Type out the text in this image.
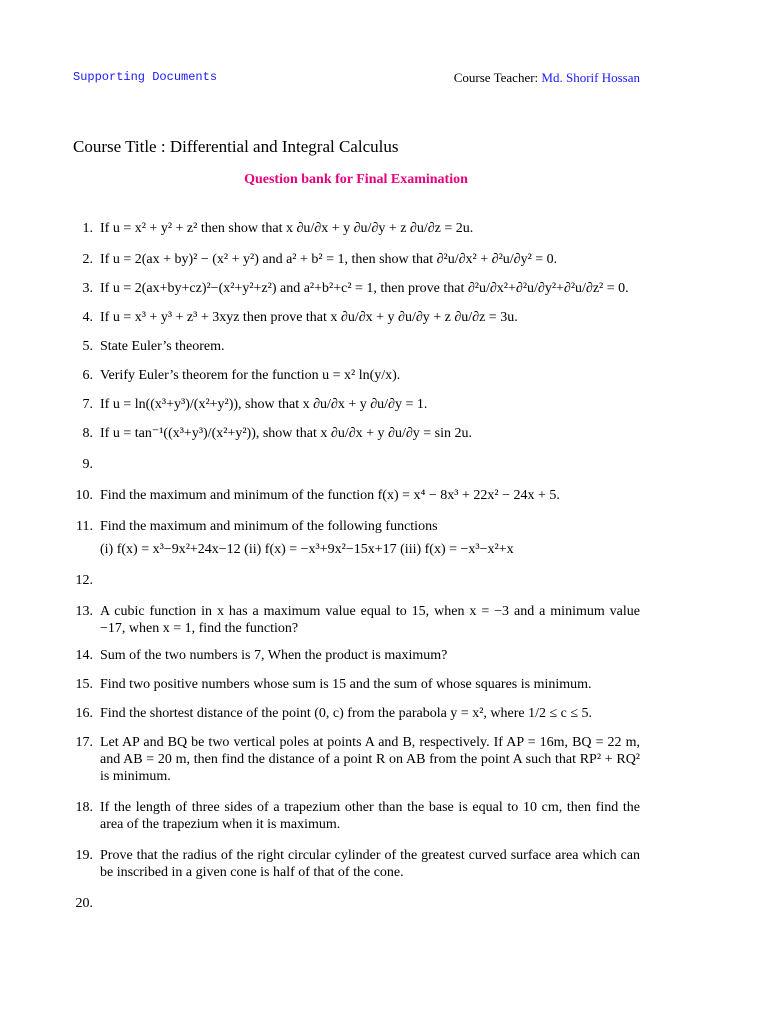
Supporting Documents	Course Teacher: Md. Shorif Hossan
Course Title : Differential and Integral Calculus
Question bank for Final Examination
1. If u = x² + y² + z² then show that x ∂u/∂x + y ∂u/∂y + z ∂u/∂z = 2u.
2. If u = 2(ax + by)² − (x² + y²) and a² + b² = 1, then show that ∂²u/∂x² + ∂²u/∂y² = 0.
3. If u = 2(ax+by+cz)²−(x²+y²+z²) and a²+b²+c² = 1, then prove that ∂²u/∂x²+∂²u/∂y²+∂²u/∂z² = 0.
4. If u = x³ + y³ + z³ + 3xyz then prove that x ∂u/∂x + y ∂u/∂y + z ∂u/∂z = 3u.
5. State Euler’s theorem.
6. Verify Euler’s theorem for the function u = x² ln(y/x).
7. If u = ln((x³+y³)/(x²+y²)), show that x ∂u/∂x + y ∂u/∂y = 1.
8. If u = tan⁻¹((x³+y³)/(x²+y²)), show that x ∂u/∂x + y ∂u/∂y = sin 2u.
9.

10. Find the maximum and minimum of the function f(x) = x⁴ − 8x³ + 22x² − 24x + 5.
11. Find the maximum and minimum of the following functions
(i) f(x) = x³−9x²+24x−12 (ii) f(x) = −x³+9x²−15x+17 (iii) f(x) = −x³−x²+x
12.

13. A cubic function in x has a maximum value equal to 15, when x = −3 and a minimum value −17, when x = 1, find the function?
14. Sum of the two numbers is 7, When the product is maximum?
15. Find two positive numbers whose sum is 15 and the sum of whose squares is minimum.
16. Find the shortest distance of the point (0, c) from the parabola y = x², where 1/2 ≤ c ≤ 5.
17. Let AP and BQ be two vertical poles at points A and B, respectively. If AP = 16m, BQ = 22 m, and AB = 20 m, then find the distance of a point R on AB from the point A such that RP² + RQ² is minimum.
18. If the length of three sides of a trapezium other than the base is equal to 10 cm, then find the area of the trapezium when it is maximum.
19. Prove that the radius of the right circular cylinder of the greatest curved surface area which can be inscribed in a given cone is half of that of the cone.
20.
